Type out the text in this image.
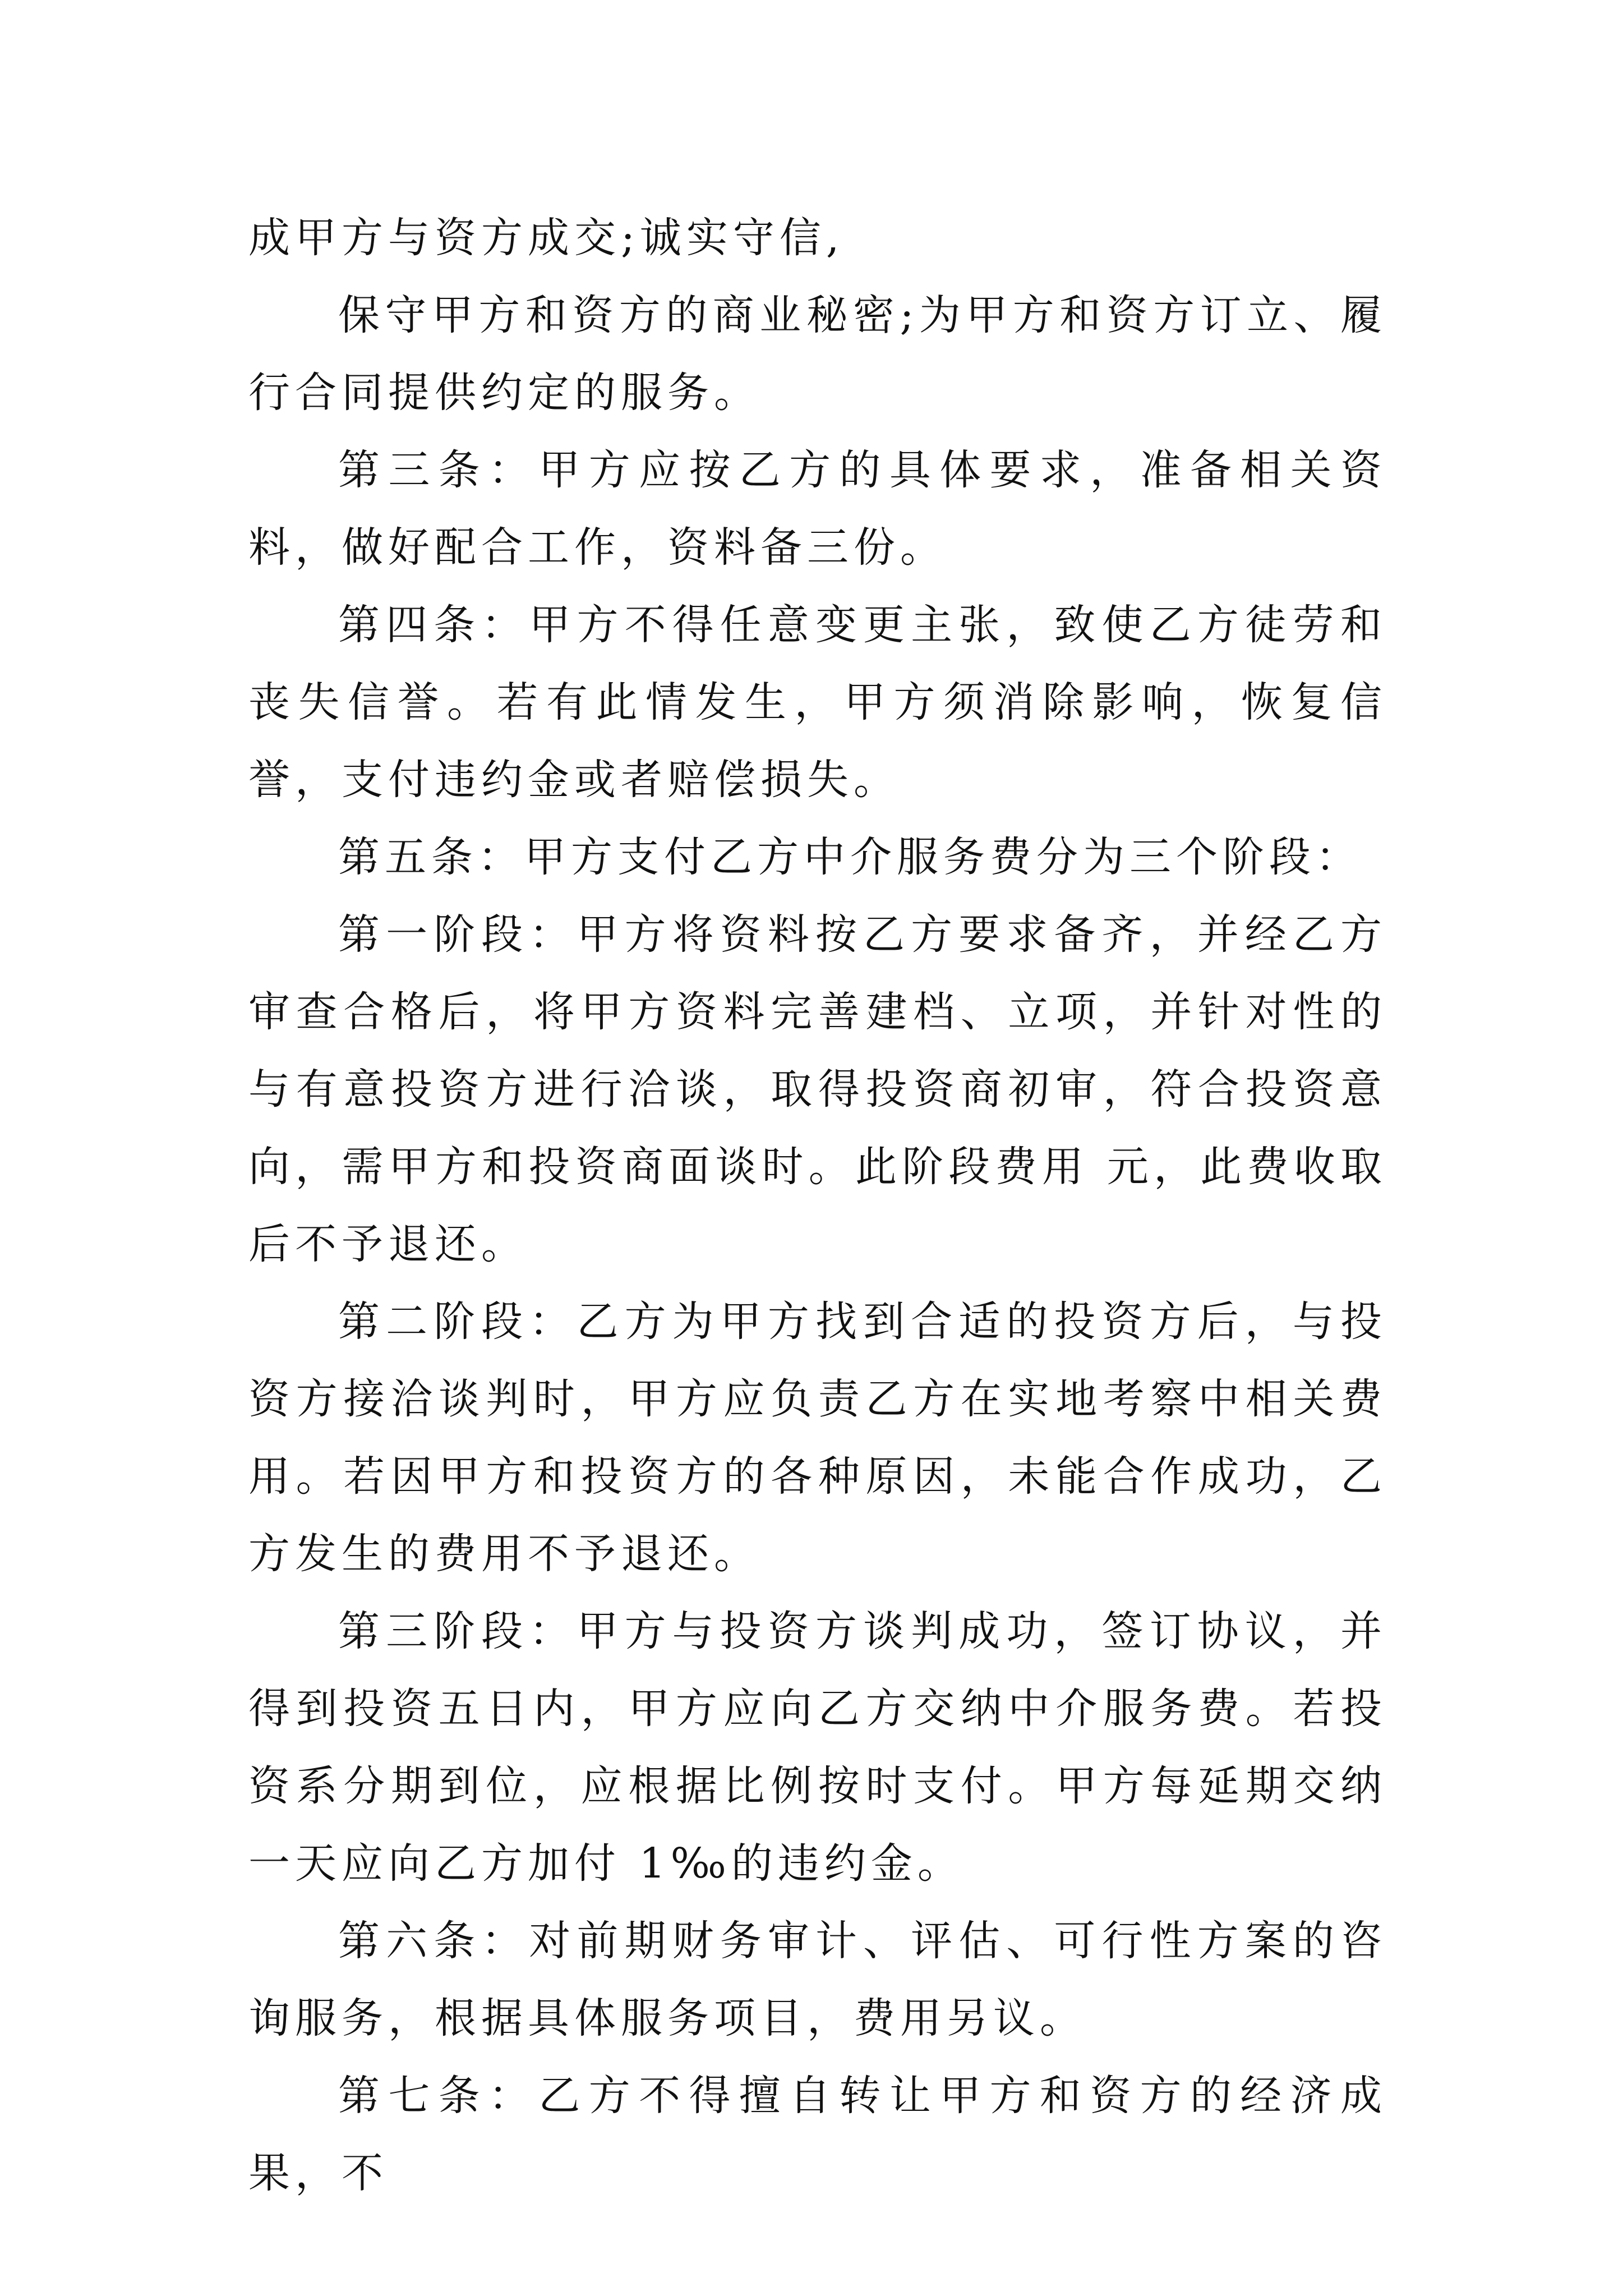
成甲方与资方成交;诚实守信,

保守甲方和资方的商业秘密;为甲方和资方订立、履行合同提供约定的服务。

第三条：甲方应按乙方的具体要求，准备相关资料，做好配合工作，资料备三份。

第四条：甲方不得任意变更主张，致使乙方徒劳和丧失信誉。若有此情发生，甲方须消除影响，恢复信誉，支付违约金或者赔偿损失。

第五条：甲方支付乙方中介服务费分为三个阶段：

第一阶段：甲方将资料按乙方要求备齐，并经乙方审查合格后，将甲方资料完善建档、立项，并针对性的与有意投资方进行洽谈，取得投资商初审，符合投资意向，需甲方和投资商面谈时。此阶段费用 元，此费收取后不予退还。

第二阶段：乙方为甲方找到合适的投资方后，与投资方接洽谈判时，甲方应负责乙方在实地考察中相关费用。若因甲方和投资方的各种原因，未能合作成功，乙方发生的费用不予退还。

第三阶段：甲方与投资方谈判成功，签订协议，并得到投资五日内，甲方应向乙方交纳中介服务费。若投资系分期到位，应根据比例按时支付。甲方每延期交纳一天应向乙方加付 1‰的违约金。

第六条：对前期财务审计、评估、可行性方案的咨询服务，根据具体服务项目，费用另议。

第七条：乙方不得擅自转让甲方和资方的经济成果，不
